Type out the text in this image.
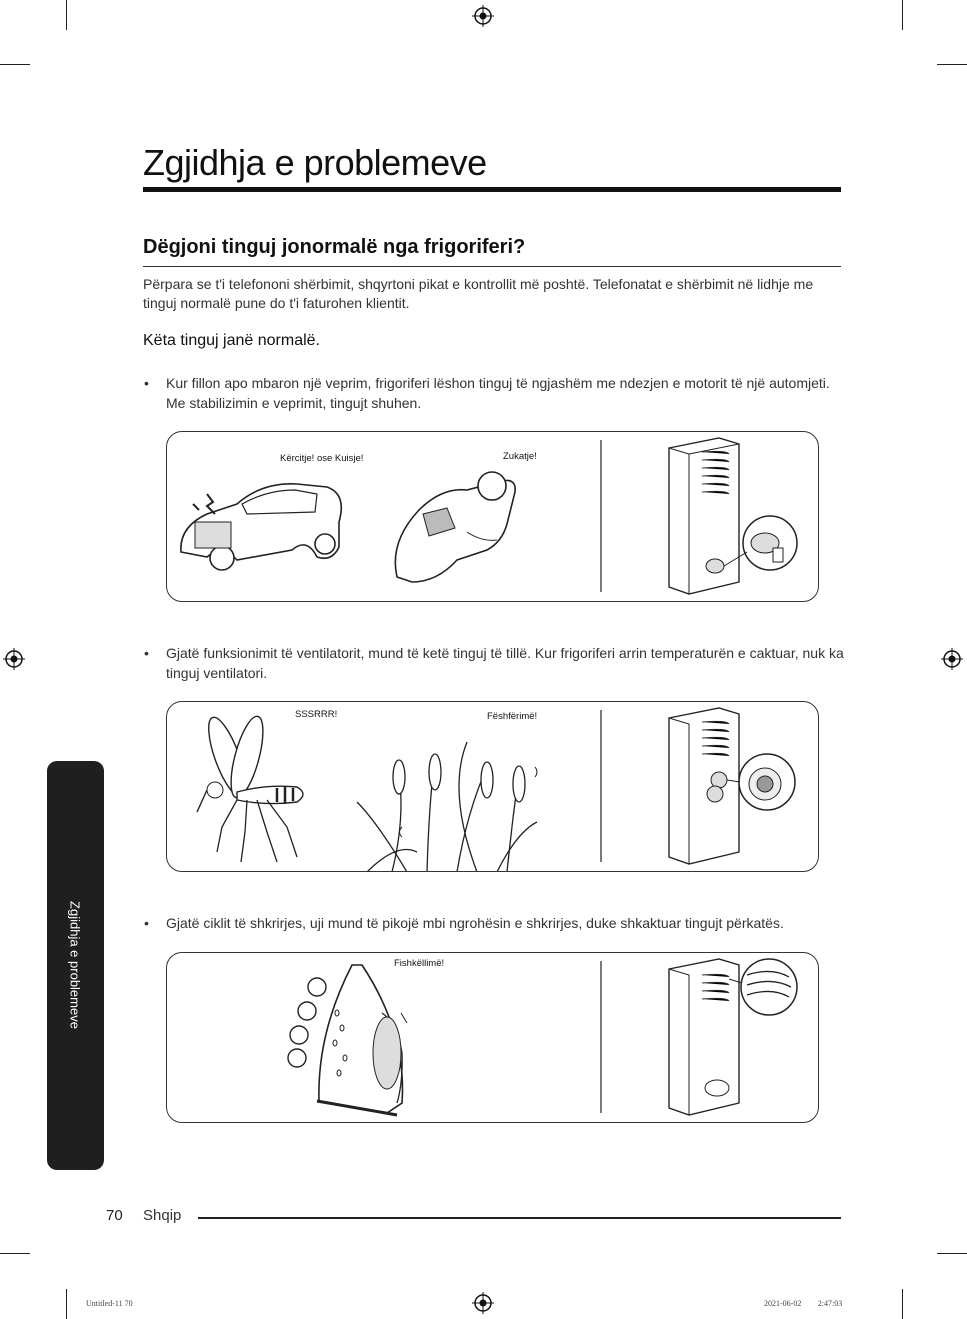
Zgjidhja e problemeve
Dëgjoni tinguj jonormalë nga frigoriferi?

Përpara se t'i telefononi shërbimit, shqyrtoni pikat e kontrollit më poshtë. Telefonatat e shërbimit në lidhje me tinguj normalë pune do t'i faturohen klientit.

Këta tinguj janë normalë.

• Kur fillon apo mbaron një veprim, frigoriferi lëshon tinguj të ngjashëm me ndezjen e motorit të një automjeti. Me stabilizimin e veprimit, tingujt shuhen.

Kërcitje! ose Kuisje!	Zukatje!

• Gjatë funksionimit të ventilatorit, mund të ketë tinguj të tillë. Kur frigoriferi arrin temperaturën e caktuar, nuk ka tinguj ventilatori.

SSSRRR!	Fëshfërimë!

• Gjatë ciklit të shkrirjes, uji mund të pikojë mbi ngrohësin e shkrirjes, duke shkaktuar tingujt përkatës.

Fishkëllimë!
Zgjidhja e problemeve
70 Shqip
Untitled-11 70	2021-06-02 ￿￿ 2:47:03
